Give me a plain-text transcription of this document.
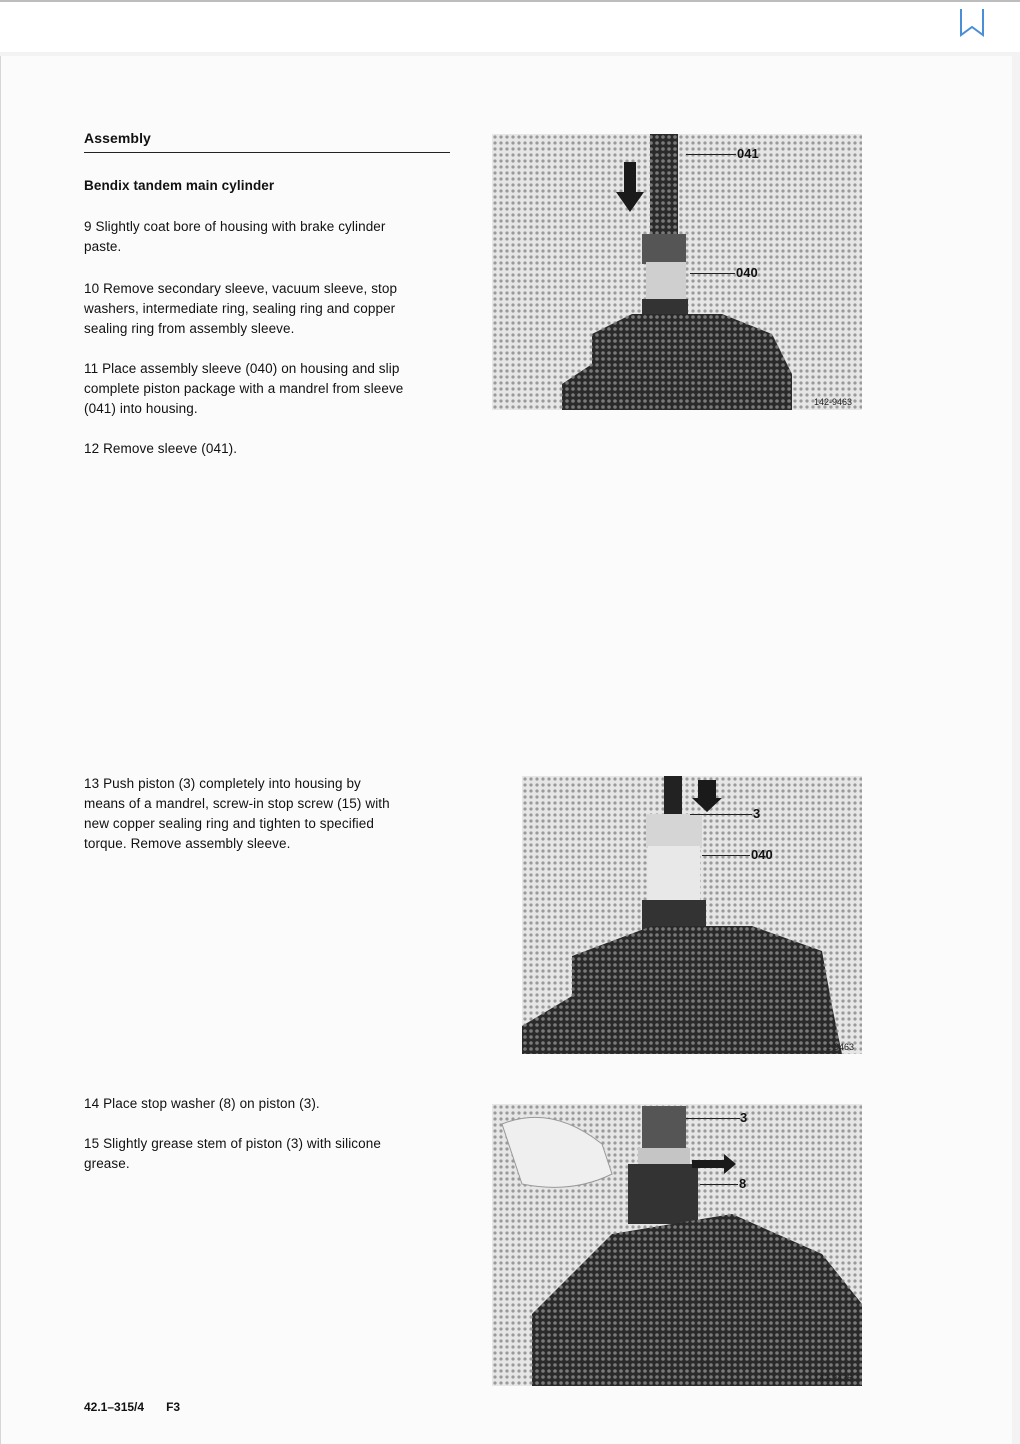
Assembly
Bendix tandem main cylinder
9 Slightly coat bore of housing with brake cylinder
paste.
10 Remove secondary sleeve, vacuum sleeve, stop
washers, intermediate ring, sealing ring and copper
sealing ring from assembly sleeve.
11 Place assembly sleeve (040) on housing and slip
complete piston package with a mandrel from sleeve
(041) into housing.
12 Remove sleeve (041).
13 Push piston (3) completely into housing by
means of a mandrel, screw-in stop screw (15) with
new copper sealing ring and tighten to specified
torque. Remove assembly sleeve.
14 Place stop washer (8) on piston (3).
15 Slightly grease stem of piston (3) with silicone
grease.
041
040
142-9463
3
040
2-9463
3
8
142-9436
42.1–315/4 F3
